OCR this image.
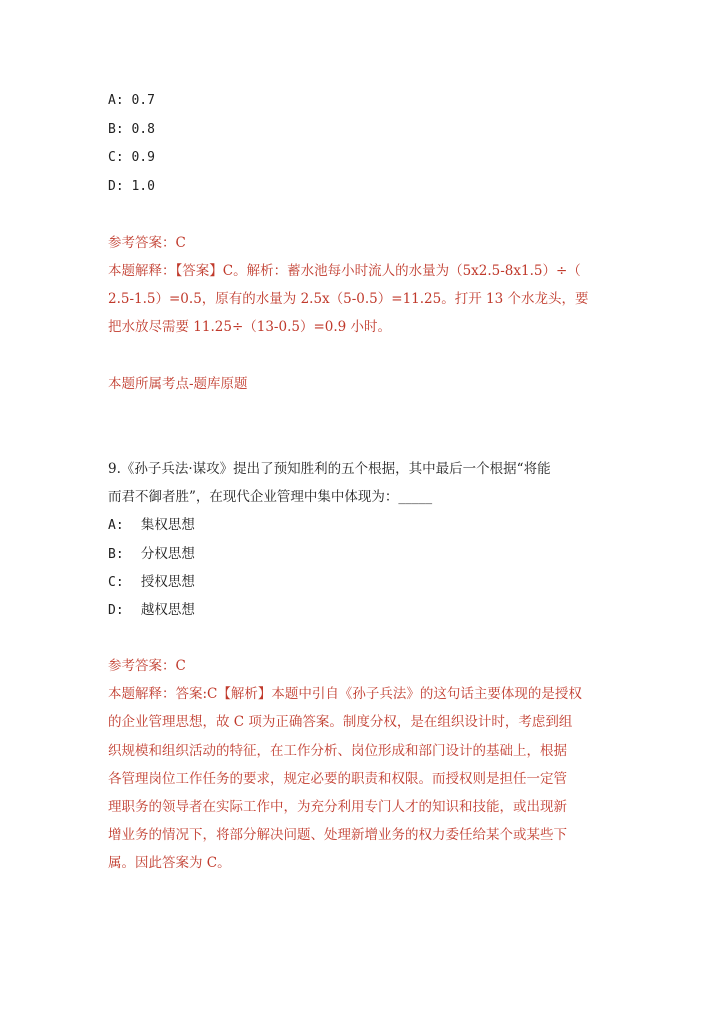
A: 0.7
B: 0.8
C: 0.9
D: 1.0
参考答案：C
本题解释：【答案】C。解析：蓄水池每小时流人的水量为（5x2.5-8x1.5）÷（
2.5-1.5）=0.5，原有的水量为 2.5x（5-0.5）=11.25。打开 13 个水龙头，要
把水放尽需要 11.25÷（13-0.5）=0.9 小时。
本题所属考点-题库原题
9.《孙子兵法·谋攻》提出了预知胜利的五个根据，其中最后一个根据“将能
而君不御者胜”，在现代企业管理中集中体现为：_____
A: 集权思想
B: 分权思想
C: 授权思想
D: 越权思想
参考答案：C
本题解释：答案:C【解析】本题中引自《孙子兵法》的这句话主要体现的是授权
的企业管理思想，故 C 项为正确答案。制度分权，是在组织设计时，考虑到组
织规模和组织活动的特征，在工作分析、岗位形成和部门设计的基础上，根据
各管理岗位工作任务的要求，规定必要的职责和权限。而授权则是担任一定管
理职务的领导者在实际工作中，为充分利用专门人才的知识和技能，或出现新
增业务的情况下，将部分解决问题、处理新增业务的权力委任给某个或某些下
属。因此答案为 C。
